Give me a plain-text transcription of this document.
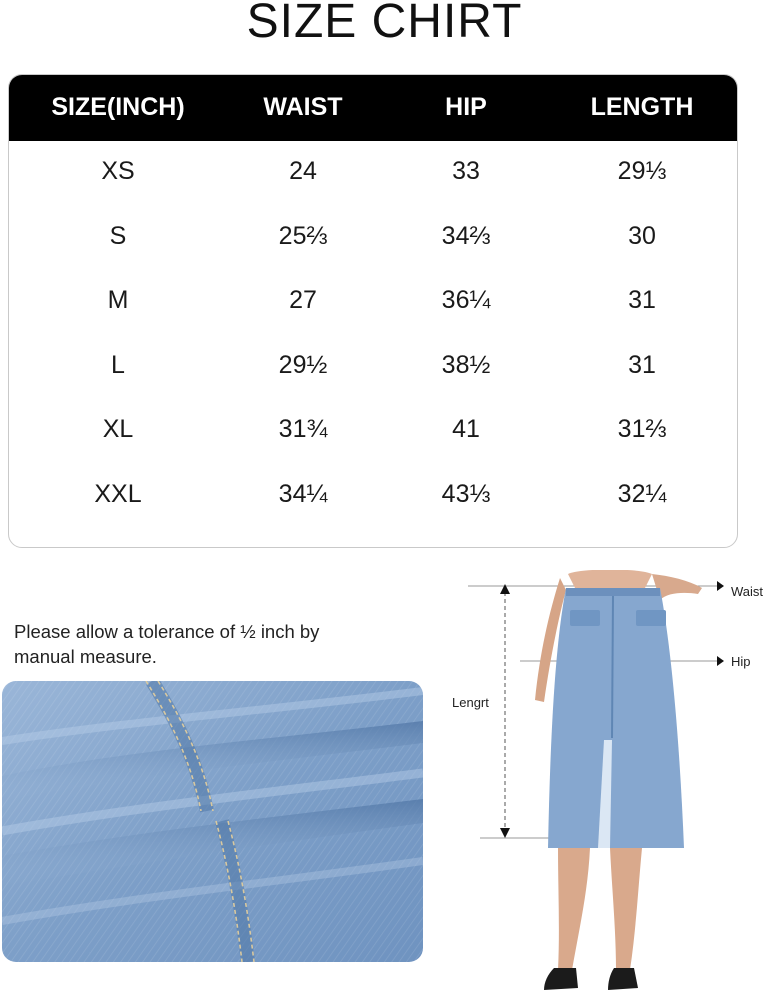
SIZE CHIRT
SIZE(INCH)	WAIST	HIP	LENGTH
XS	24	33	29⅓
S	25⅔	34⅔	30
M	27	36¼	31
L	29½	38½	31
XL	31¾	41	31⅔
XXL	34¼	43⅓	32¼
Please allow a tolerance of ½ inch by manual measure.
Waist
Hip
Lengrt
